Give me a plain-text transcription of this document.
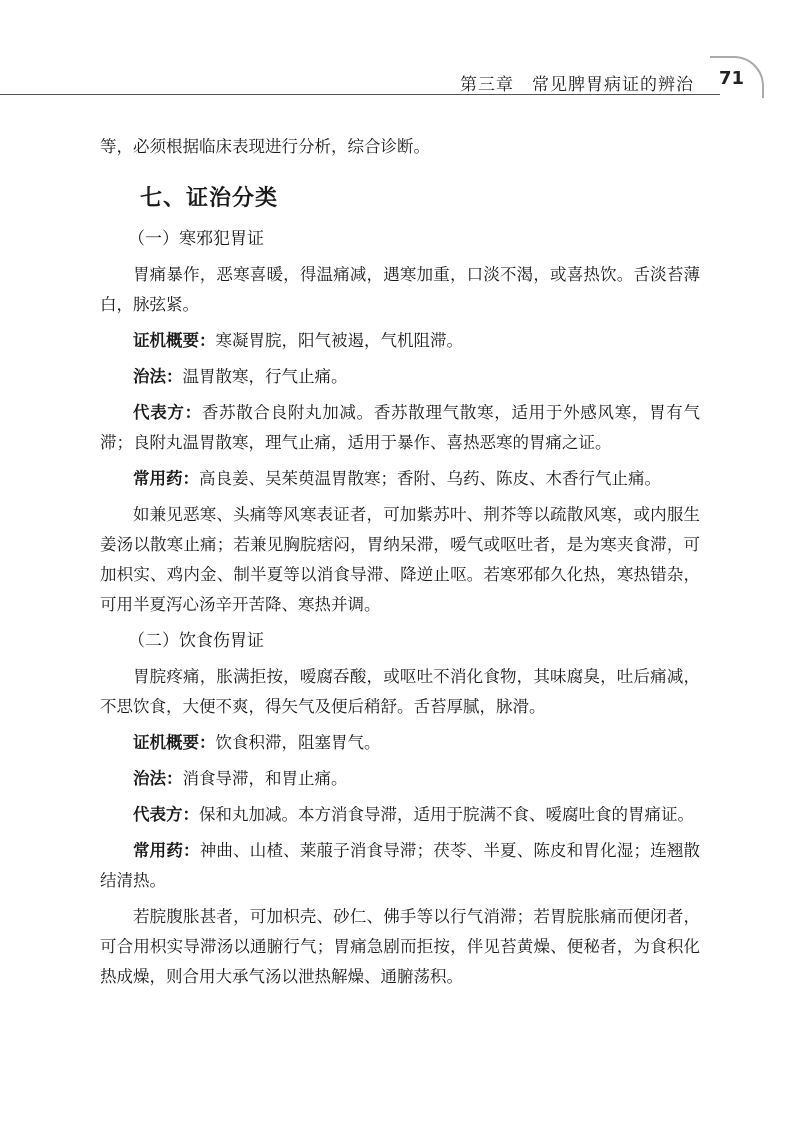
第三章　常见脾胃病证的辨治 71

等，必须根据临床表现进行分析，综合诊断。

七、证治分类
（一）寒邪犯胃证

胃痛暴作，恶寒喜暖，得温痛减，遇寒加重，口淡不渴，或喜热饮。舌淡苔薄白，脉弦紧。

证机概要：寒凝胃脘，阳气被遏，气机阻滞。

治法：温胃散寒，行气止痛。

代表方：香苏散合良附丸加减。香苏散理气散寒，适用于外感风寒，胃有气滞；良附丸温胃散寒，理气止痛，适用于暴作、喜热恶寒的胃痛之证。

常用药：高良姜、吴茱萸温胃散寒；香附、乌药、陈皮、木香行气止痛。

如兼见恶寒、头痛等风寒表证者，可加紫苏叶、荆芥等以疏散风寒，或内服生姜汤以散寒止痛；若兼见胸脘痞闷，胃纳呆滞，嗳气或呕吐者，是为寒夹食滞，可加枳实、鸡内金、制半夏等以消食导滞、降逆止呕。若寒邪郁久化热，寒热错杂，可用半夏泻心汤辛开苦降、寒热并调。

（二）饮食伤胃证

胃脘疼痛，胀满拒按，嗳腐吞酸，或呕吐不消化食物，其味腐臭，吐后痛减，不思饮食，大便不爽，得矢气及便后稍舒。舌苔厚腻，脉滑。

证机概要：饮食积滞，阻塞胃气。

治法：消食导滞，和胃止痛。

代表方：保和丸加减。本方消食导滞，适用于脘满不食、嗳腐吐食的胃痛证。

常用药：神曲、山楂、莱菔子消食导滞；茯苓、半夏、陈皮和胃化湿；连翘散结清热。

若脘腹胀甚者，可加枳壳、砂仁、佛手等以行气消滞；若胃脘胀痛而便闭者，可合用枳实导滞汤以通腑行气；胃痛急剧而拒按，伴见苔黄燥、便秘者，为食积化热成燥，则合用大承气汤以泄热解燥、通腑荡积。
